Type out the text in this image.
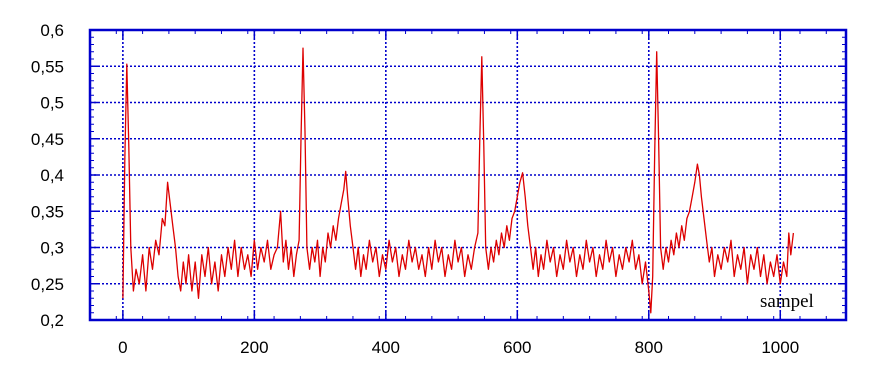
0,2
0,25
0,3
0,35
0,4
0,45
0,5
0,55
0,6
0	200	400	600	800	1000
sampel
